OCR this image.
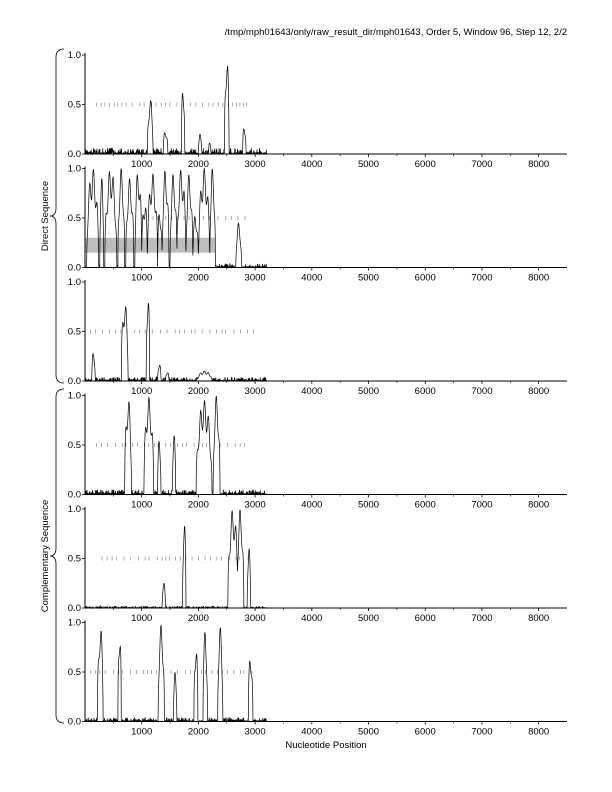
/tmp/mph01643/only/raw_result_dir/mph01643, Order 5, Window 96, Step 12, 2/2
0.0
0.5
1.0
1000	2000	3000	4000	5000	6000	7000	8000
0.0
0.5
1.0
1000	2000	3000	4000	5000	6000	7000	8000
0.0
0.5
1.0
1000	2000	3000	4000	5000	6000	7000	8000
0.0
0.5
1.0
1000	2000	3000	4000	5000	6000	7000	8000
0.0
0.5
1.0
1000	2000	3000	4000	5000	6000	7000	8000
0.0
0.5
1.0
1000	2000	3000	4000	5000	6000	7000	8000
Direct Sequence
Complementary Sequence
Nucleotide Position
